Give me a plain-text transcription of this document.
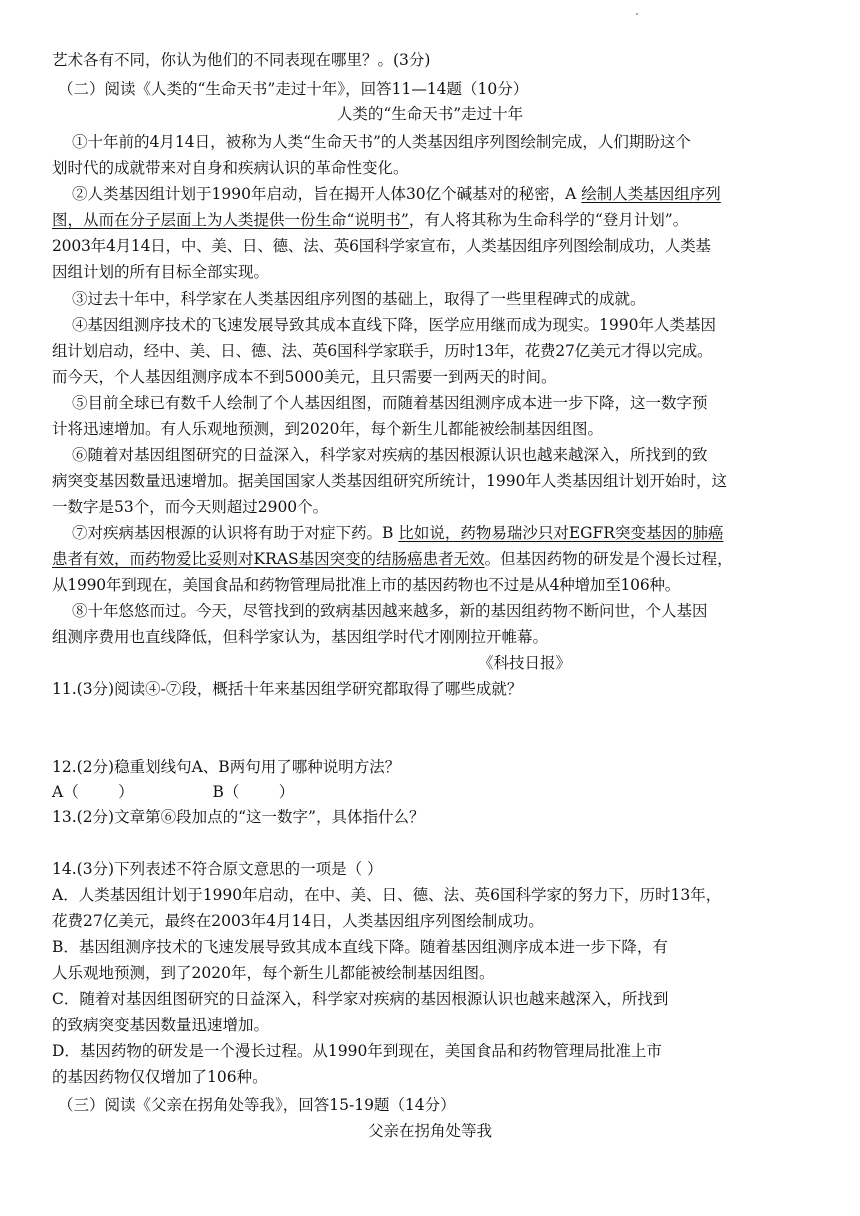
艺术各有不同，你认为他们的不同表现在哪里？。(3分)
（二）阅读《人类的“生命天书”走过十年》，回答11—14题（10分）
人类的“生命天书”走过十年
①十年前的4月14日，被称为人类“生命天书”的人类基因组序列图绘制完成，人们期盼这个
划时代的成就带来对自身和疾病认识的革命性变化。
②人类基因组计划于1990年启动，旨在揭开人体30亿个碱基对的秘密，A 绘制人类基因组序列
图，从而在分子层面上为人类提供一份生命“说明书”，有人将其称为生命科学的“登月计划”。
2003年4月14日，中、美、日、德、法、英6国科学家宣布，人类基因组序列图绘制成功，人类基
因组计划的所有目标全部实现。
③过去十年中，科学家在人类基因组序列图的基础上，取得了一些里程碑式的成就。
④基因组测序技术的飞速发展导致其成本直线下降，医学应用继而成为现实。1990年人类基因
组计划启动，经中、美、日、德、法、英6国科学家联手，历时13年，花费27亿美元才得以完成。
而今天，个人基因组测序成本不到5000美元，且只需要一到两天的时间。
⑤目前全球已有数千人绘制了个人基因组图，而随着基因组测序成本进一步下降，这一数字预
计将迅速增加。有人乐观地预测，到2020年，每个新生儿都能被绘制基因组图。
⑥随着对基因组图研究的日益深入，科学家对疾病的基因根源认识也越来越深入，所找到的致
病突变基因数量迅速增加。据美国国家人类基因组研究所统计，1990年人类基因组计划开始时，这
一数字是53个，而今天则超过2900个。
⑦对疾病基因根源的认识将有助于对症下药。B 比如说，药物易瑞沙只对EGFR突变基因的肺癌
患者有效，而药物爱比妥则对KRAS基因突变的结肠癌患者无效。但基因药物的研发是个漫长过程，
从1990年到现在，美国食品和药物管理局批准上市的基因药物也不过是从4种增加至106种。
⑧十年悠悠而过。今天，尽管找到的致病基因越来越多，新的基因组药物不断问世，个人基因
组测序费用也直线降低，但科学家认为，基因组学时代才刚刚拉开帷幕。
《科技日报》
11.(3分)阅读④-⑦段，概括十年来基因组学研究都取得了哪些成就？
12.(2分)稳重划线句A、B两句用了哪种说明方法？
A（        ）                B（        ）
13.(2分)文章第⑥段加点的“这一数字”，具体指什么？
14.(3分)下列表述不符合原文意思的一项是（ ）
A．人类基因组计划于1990年启动，在中、美、日、德、法、英6国科学家的努力下，历时13年，
花费27亿美元，最终在2003年4月14日，人类基因组序列图绘制成功。
B．基因组测序技术的飞速发展导致其成本直线下降。随着基因组测序成本进一步下降，有
人乐观地预测，到了2020年，每个新生儿都能被绘制基因组图。
C．随着对基因组图研究的日益深入，科学家对疾病的基因根源认识也越来越深入，所找到
的致病突变基因数量迅速增加。
D．基因药物的研发是一个漫长过程。从1990年到现在，美国食品和药物管理局批准上市
的基因药物仅仅增加了106种。
（三）阅读《父亲在拐角处等我》，回答15-19题（14分）
父亲在拐角处等我
